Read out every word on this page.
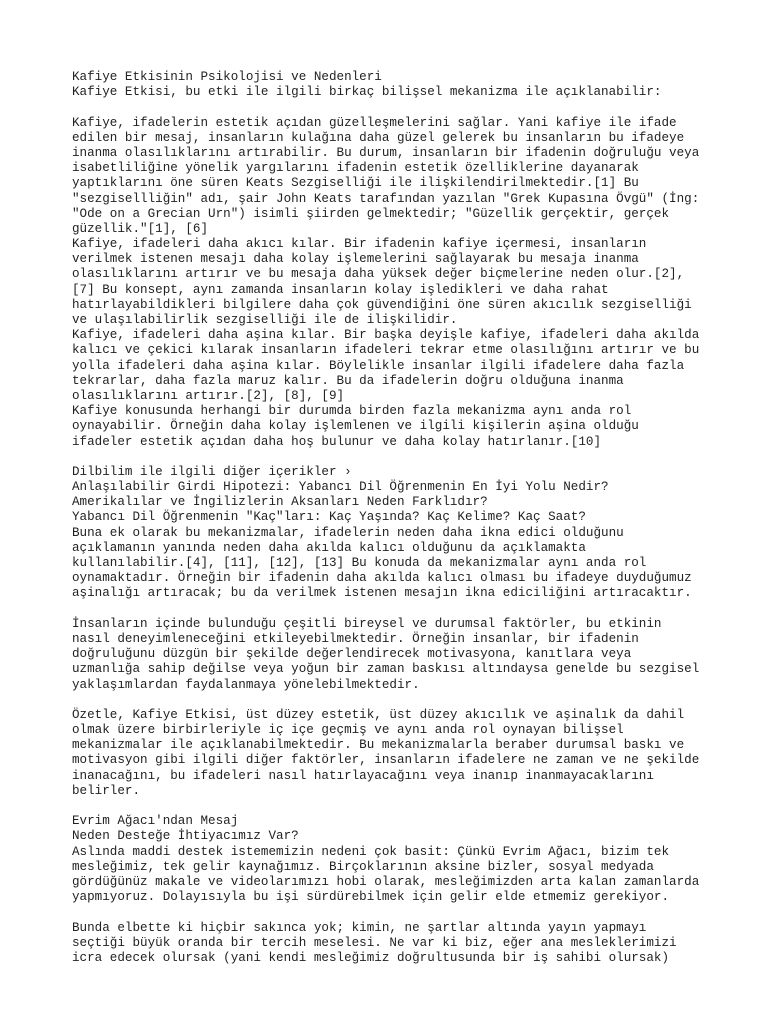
Kafiye Etkisinin Psikolojisi ve Nedenleri
Kafiye Etkisi, bu etki ile ilgili birkaç bilişsel mekanizma ile açıklanabilir:
Kafiye, ifadelerin estetik açıdan güzelleşmelerini sağlar. Yani kafiye ile ifade
edilen bir mesaj, insanların kulağına daha güzel gelerek bu insanların bu ifadeye
inanma olasılıklarını artırabilir. Bu durum, insanların bir ifadenin doğruluğu veya
isabetliliğine yönelik yargılarını ifadenin estetik özelliklerine dayanarak
yaptıklarını öne süren Keats Sezgiselliği ile ilişkilendirilmektedir.[1] Bu
"sezgisellliğin" adı, şair John Keats tarafından yazılan "Grek Kupasına Övgü" (İng:
"Ode on a Grecian Urn") isimli şiirden gelmektedir; "Güzellik gerçektir, gerçek
güzellik."[1], [6]
Kafiye, ifadeleri daha akıcı kılar. Bir ifadenin kafiye içermesi, insanların
verilmek istenen mesajı daha kolay işlemelerini sağlayarak bu mesaja inanma
olasılıklarını artırır ve bu mesaja daha yüksek değer biçmelerine neden olur.[2],
[7] Bu konsept, aynı zamanda insanların kolay işledikleri ve daha rahat
hatırlayabildikleri bilgilere daha çok güvendiğini öne süren akıcılık sezgiselliği
ve ulaşılabilirlik sezgiselliği ile de ilişkilidir.
Kafiye, ifadeleri daha aşina kılar. Bir başka deyişle kafiye, ifadeleri daha akılda
kalıcı ve çekici kılarak insanların ifadeleri tekrar etme olasılığını artırır ve bu
yolla ifadeleri daha aşina kılar. Böylelikle insanlar ilgili ifadelere daha fazla
tekrarlar, daha fazla maruz kalır. Bu da ifadelerin doğru olduğuna inanma
olasılıklarını artırır.[2], [8], [9]
Kafiye konusunda herhangi bir durumda birden fazla mekanizma aynı anda rol
oynayabilir. Örneğin daha kolay işlemlenen ve ilgili kişilerin aşina olduğu
ifadeler estetik açıdan daha hoş bulunur ve daha kolay hatırlanır.[10]
Dilbilim ile ilgili diğer içerikler ›
Anlaşılabilir Girdi Hipotezi: Yabancı Dil Öğrenmenin En İyi Yolu Nedir?
Amerikalılar ve İngilizlerin Aksanları Neden Farklıdır?
Yabancı Dil Öğrenmenin "Kaç"ları: Kaç Yaşında? Kaç Kelime? Kaç Saat?
Buna ek olarak bu mekanizmalar, ifadelerin neden daha ikna edici olduğunu
açıklamanın yanında neden daha akılda kalıcı olduğunu da açıklamakta
kullanılabilir.[4], [11], [12], [13] Bu konuda da mekanizmalar aynı anda rol
oynamaktadır. Örneğin bir ifadenin daha akılda kalıcı olması bu ifadeye duyduğumuz
aşinalığı artıracak; bu da verilmek istenen mesajın ikna ediciliğini artıracaktır.
İnsanların içinde bulunduğu çeşitli bireysel ve durumsal faktörler, bu etkinin
nasıl deneyimleneceğini etkileyebilmektedir. Örneğin insanlar, bir ifadenin
doğruluğunu düzgün bir şekilde değerlendirecek motivasyona, kanıtlara veya
uzmanlığa sahip değilse veya yoğun bir zaman baskısı altındaysa genelde bu sezgisel
yaklaşımlardan faydalanmaya yönelebilmektedir.
Özetle, Kafiye Etkisi, üst düzey estetik, üst düzey akıcılık ve aşinalık da dahil
olmak üzere birbirleriyle iç içe geçmiş ve aynı anda rol oynayan bilişsel
mekanizmalar ile açıklanabilmektedir. Bu mekanizmalarla beraber durumsal baskı ve
motivasyon gibi ilgili diğer faktörler, insanların ifadelere ne zaman ve ne şekilde
inanacağını, bu ifadeleri nasıl hatırlayacağını veya inanıp inanmayacaklarını
belirler.
Evrim Ağacı'ndan Mesaj
Neden Desteğe İhtiyacımız Var?
Aslında maddi destek istememizin nedeni çok basit: Çünkü Evrim Ağacı, bizim tek
mesleğimiz, tek gelir kaynağımız. Birçoklarının aksine bizler, sosyal medyada
gördüğünüz makale ve videolarımızı hobi olarak, mesleğimizden arta kalan zamanlarda
yapmıyoruz. Dolayısıyla bu işi sürdürebilmek için gelir elde etmemiz gerekiyor.
Bunda elbette ki hiçbir sakınca yok; kimin, ne şartlar altında yayın yapmayı
seçtiği büyük oranda bir tercih meselesi. Ne var ki biz, eğer ana mesleklerimizi
icra edecek olursak (yani kendi mesleğimiz doğrultusunda bir iş sahibi olursak)
